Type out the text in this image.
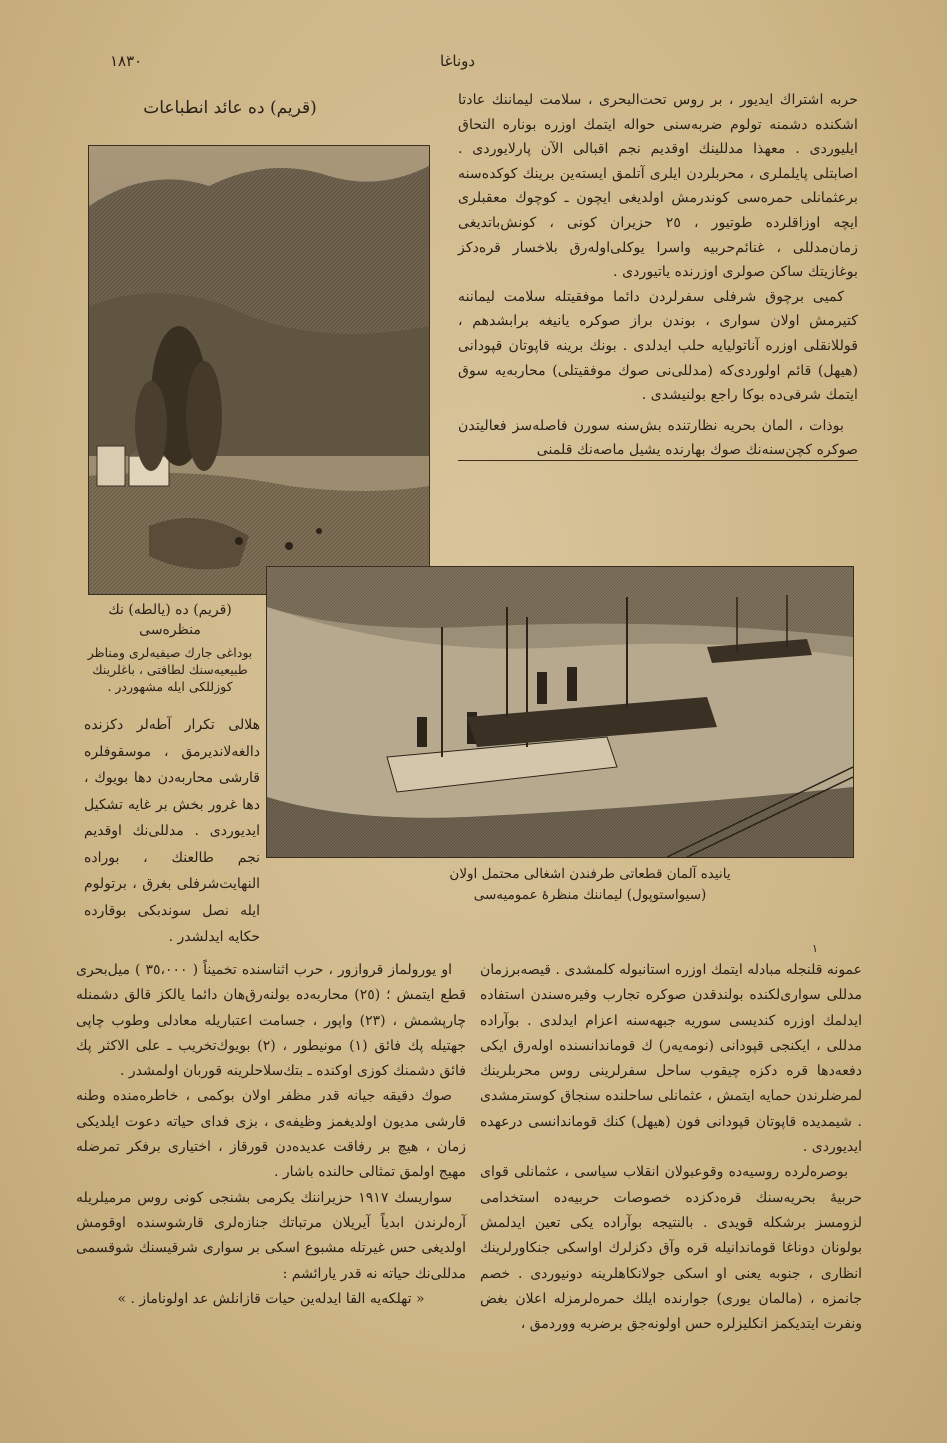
١٨٣٠	دوناغا
(قريم) ده عائد انطباعات	حربه اشتراك ايديور ، بر روس تحت‌البحرى ، سلامت ليماننك عادتا اشكنده دشمنه تولوم ضربه‌سنى حواله ايتمك اوزره بوناره التحاق ايليوردى . معهذا مدللينك اوقديم نجم اقبالى الآن پارلايوردى . اصابتلى پايلملرى ، محربلردن ايلرى آتلمق ايسته‌ين برينك كوكده‌سنه برعثمانلى حمره‌سى كوندرمش اولديغى ايچون ـ كوچوك معقبلرى ايچه اوزاقلرده طوتيور ، ٢٥ حزيران كونى ، كونش‌باتديغى زمان‌مدللى ، غنائم‌حربيه واسرا يوكلى‌اولەرق بلاخسار قرەدكز بوغازيتك ساكن صولرى اوزرنده ياتيوردى .

كميى برچوق شرفلى سفرلردن دائما موفقيتله سلامت ليماننه كتيرمش اولان سوارى ، بوندن براز صوكره يانيغه برابشدهم ، قوللانقلى اوزره آناتوليايه حلب ايدلدى . بونك برينه قاپوتان قپودانى (هيهل) قائم اولوردى‌كه (مدللى‌نى صوك موفقيتلى) محاربه‌يه سوق ايتمك شرفى‌ده بوكا راجع بولنيشدى .

بوذات ، المان بحريه نظارتنده بش‌سنه سورن فاصله‌سز فعاليتدن صوكره كچن‌سنه‌نك صوك بهارنده يشيل ماصه‌نك قلمنى

(قريم) ده (يالطه) نك منظره‌سى
بوداغى جارك صيفيه‌لرى ومناظر طبيعيه‌سنك لطافتى ، باغلرينك كوزللكى ايله مشهوردر .

هلالى تكرار آطه‌لر دكزنده دالغه‌لانديرمق ، موسقوفلره قارشى محاربه‌دن دها بويوك ، دها غرور بخش بر غايه تشكيل ايديوردى . مدللى‌نك اوقديم نجم طالعنك ، بوراده النهايت‌شرفلى بغرق ، برتولوم ايله نصل سوندبكى بوقارده حكايه ايدلشدر .

يانيده آلمان قطعاتى طرفندن اشغالى محتمل اولان
(سيواستوپول) ليماننك منظرۀ عموميه‌سى
١

او يورولماز قروازور ، حرب اثناسنده تخميناً ( ٣٥،٠٠٠ ) ميل‌بحرى قطع ايتمش ؛ (٢٥) محاربه‌ده بولنه‌رق‌هان دائما يالكز قالق دشمنله چارپشمش ، (٢٣) واپور ، جسامت اعتباريله معادلى وطوب چاپى جهتيله پك فائق (١) مونيطور ، (٢) بويوك‌تخريب ـ على الاكثر پك فائق دشمنك كوزى اوكنده ـ بتك‌سلاحلرينه قوربان اولمشدر .

صوك دقيقه جيانه قدر مظفر اولان بوكمى ، خاطره‌منده وطنه قارشى مديون اولديغمز وظيفه‌ى ، بزى فداى حياته دعوت ايلديكى زمان ، هيچ بر رفاقت عديده‌دن قورقاز ، اختيارى برفكر تمرضله مهيج اولمق تمثالى حالنده باشار .

سواريسك ١٩١٧ حزيراننك يكرمى بشنجى كونى روس مرميلريله آرەلرندن ابدياً آيريلان مرتباتك جنازه‌لرى قارشوسنده اوقومش اولديغى حس غيرتله مشبوع اسكى بر سوارى شرقيسنك شوقسمى مدللى‌نك حياته نه قدر يارائشم :

« تهلكه‌يه القا ايدلەين حيات قازانلش عد اولوناماز . »

عمونه قلنجله مبادله ايتمك اوزره استانبوله كلمشدى . قيصه‌برزمان مدللى سوارى‌لكنده بولندقدن صوكره تجارب وفيره‌سندن استفاده ايدلمك اوزره كنديسى سوريه جبهه‌سنه اعزام ايدلدى . بوآراده مدللى ، ايكنجى قپودانى (نومه‌يەر) ك قوماندانسنده اولەرق ايكى دفعه‌دها قره دكزه چيقوب ساحل سفرلرينى روس محربلرينك لمرضلرندن حمايه ايتمش ، عثمانلى ساحلنده سنجاق كوسترمشدى . شيمديده قاپوتان قپودانى فون (هيهل) كنك قوماندانسى درعهده ايديوردى .

بوصرەلرده روسيه‌ده وقوعبولان انقلاب سياسى ، عثمانلى قواى حربيۀ بحريه‌سنك قره‌دكزده خصوصات حربيه‌ده استخدامى لزومسز برشكله قويدى . بالنتيجه بوآراده يكى تعين ايدلمش بولونان دوناغا قوماندانيله قره وآق دكزلرك اواسكى جنكاورلرينك انظارى ، جنوبه يعنى او اسكى جولانكاهلرينه دونيوردى . خصم جانمزه ، (مالمان يورى) جوارنده ايلك حمره‌لرمزله اعلان بغض ونفرت ايتديكمز انكليزلره حس اولونه‌جق برضربه‌ ووردمق ،
